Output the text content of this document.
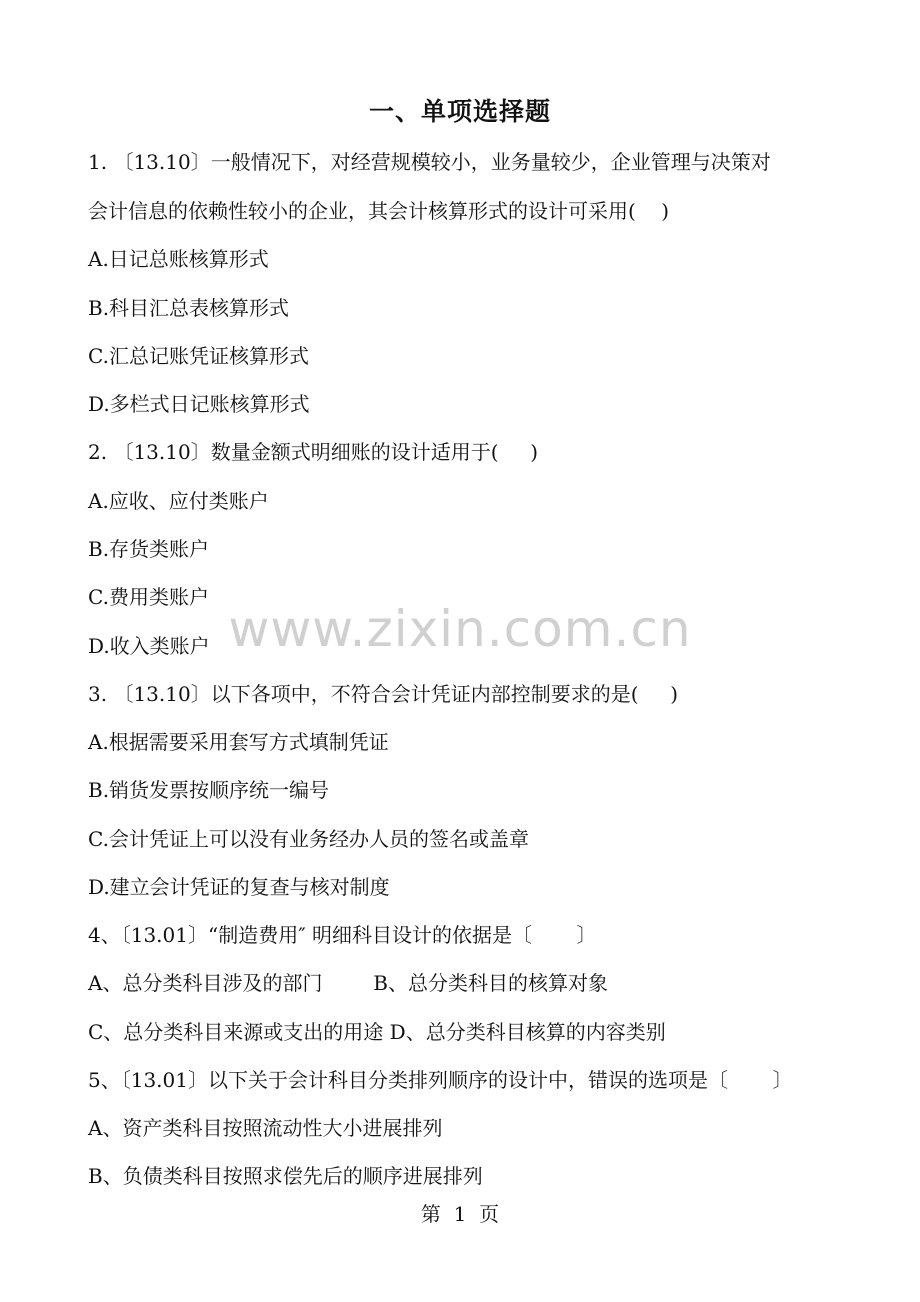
一、单项选择题
1. 〔13.10〕一般情况下，对经营规模较小，业务量较少，企业管理与决策对
会计信息的依赖性较小的企业，其会计核算形式的设计可采用(    )
A.日记总账核算形式
B.科目汇总表核算形式
C.汇总记账凭证核算形式
D.多栏式日记账核算形式
2. 〔13.10〕数量金额式明细账的设计适用于(     )
A.应收、应付类账户
B.存货类账户
C.费用类账户
D.收入类账户
3. 〔13.10〕以下各项中，不符合会计凭证内部控制要求的是(     )
A.根据需要采用套写方式填制凭证
B.销货发票按顺序统一编号
C.会计凭证上可以没有业务经办人员的签名或盖章
D.建立会计凭证的复查与核对制度
4、〔13.01〕“制造费用″ 明细科目设计的依据是〔       〕
A、总分类科目涉及的部门        B、总分类科目的核算对象
C、总分类科目来源或支出的用途 D、总分类科目核算的内容类别
5、〔13.01〕以下关于会计科目分类排列顺序的设计中，错误的选项是〔       〕
A、资产类科目按照流动性大小进展排列
B、负债类科目按照求偿先后的顺序进展排列
www.zixin.com.cn
第  1  页
